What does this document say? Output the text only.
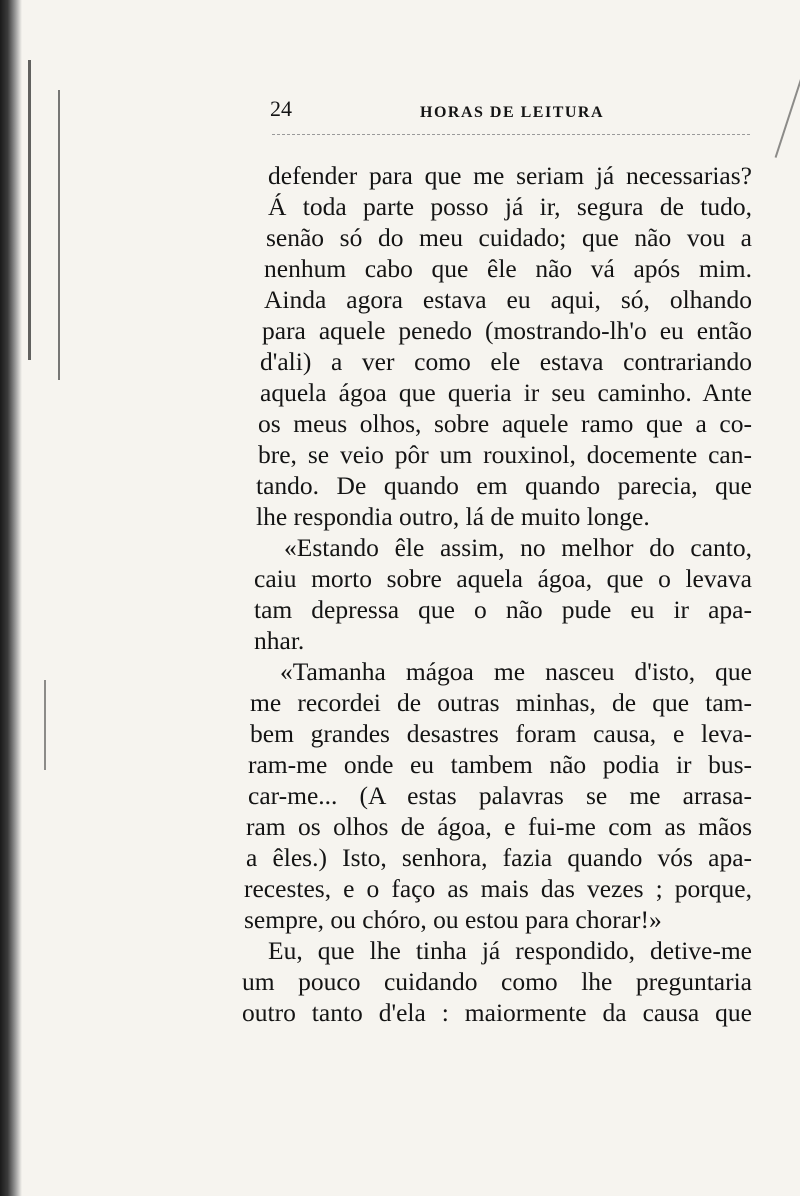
24	HORAS DE LEITURA
defender para que me seriam já necessarias?
Á toda parte posso já ir, segura de tudo,
senão só do meu cuidado; que não vou a
nenhum cabo que êle não vá após mim.
Ainda agora estava eu aqui, só, olhando
para aquele penedo (mostrando-lh'o eu então
d'ali) a ver como ele estava contrariando
aquela ágoa que queria ir seu caminho. Ante
os meus olhos, sobre aquele ramo que a co-
bre, se veio pôr um rouxinol, docemente can-
tando. De quando em quando parecia, que
lhe respondia outro, lá de muito longe.
«Estando êle assim, no melhor do canto,
caiu morto sobre aquela ágoa, que o levava
tam depressa que o não pude eu ir apa-
nhar.
«Tamanha mágoa me nasceu d'isto, que
me recordei de outras minhas, de que tam-
bem grandes desastres foram causa, e leva-
ram-me onde eu tambem não podia ir bus-
car-me... (A estas palavras se me arrasa-
ram os olhos de ágoa, e fui-me com as mãos
a êles.) Isto, senhora, fazia quando vós apa-
recestes, e o faço as mais das vezes ; porque,
sempre, ou chóro, ou estou para chorar!»
Eu, que lhe tinha já respondido, detive-me
um pouco cuidando como lhe preguntaria
outro tanto d'ela : maiormente da causa que
